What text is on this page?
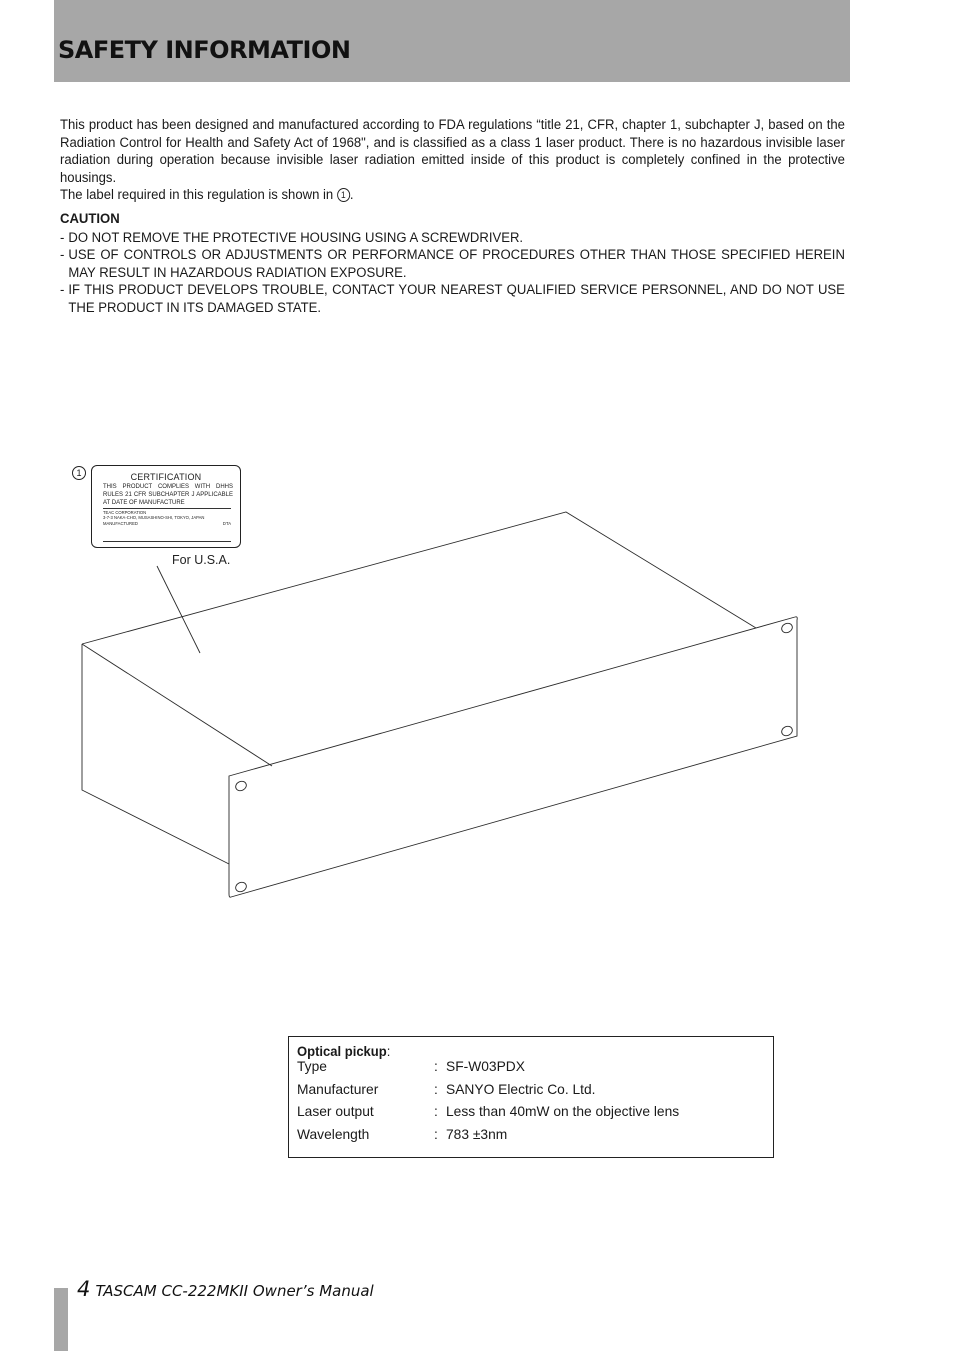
SAFETY INFORMATION

This product has been designed and manufactured according to FDA regulations “title 21, CFR, chapter 1, subchapter J, based on the Radiation Control for Health and Safety Act of 1968", and is classified as a class 1 laser product. There is no hazardous invisible laser radiation during operation because invisible laser radiation emitted inside of this product is completely confined in the protective housings.

The label required in this regulation is shown in 1 .

CAUTION
- DO NOT REMOVE THE PROTECTIVE HOUSING USING A SCREWDRIVER.
- USE OF CONTROLS OR ADJUSTMENTS OR PERFORMANCE OF PROCEDURES OTHER THAN THOSE SPECIFIED HEREIN MAY RESULT IN HAZARDOUS RADIATION EXPOSURE.
- IF THIS PRODUCT DEVELOPS TROUBLE, CONTACT YOUR NEAREST QUALIFIED SERVICE PERSONNEL, AND DO NOT USE THE PRODUCT IN ITS DAMAGED STATE.
1	CERTIFICATION
THIS PRODUCT COMPLIES WITH DHHS RULES 21 CFR SUBCHAPTER J APPLICABLE AT DATE OF MANUFACTURE
TEAC CORPORATION
3-7-3 NAKA-CHO, MUSASHINO-SHI, TOKYO, JAPAN
MANUFACTURED	DTA
For U.S.A.
Optical pickup:
Type	: SF-W03PDX
Manufacturer	: SANYO Electric Co. Ltd.
Laser output	: Less than 40mW on the objective lens
Wavelength	: 783 ±3nm
4 TASCAM CC-222MKII Owner’s Manual
